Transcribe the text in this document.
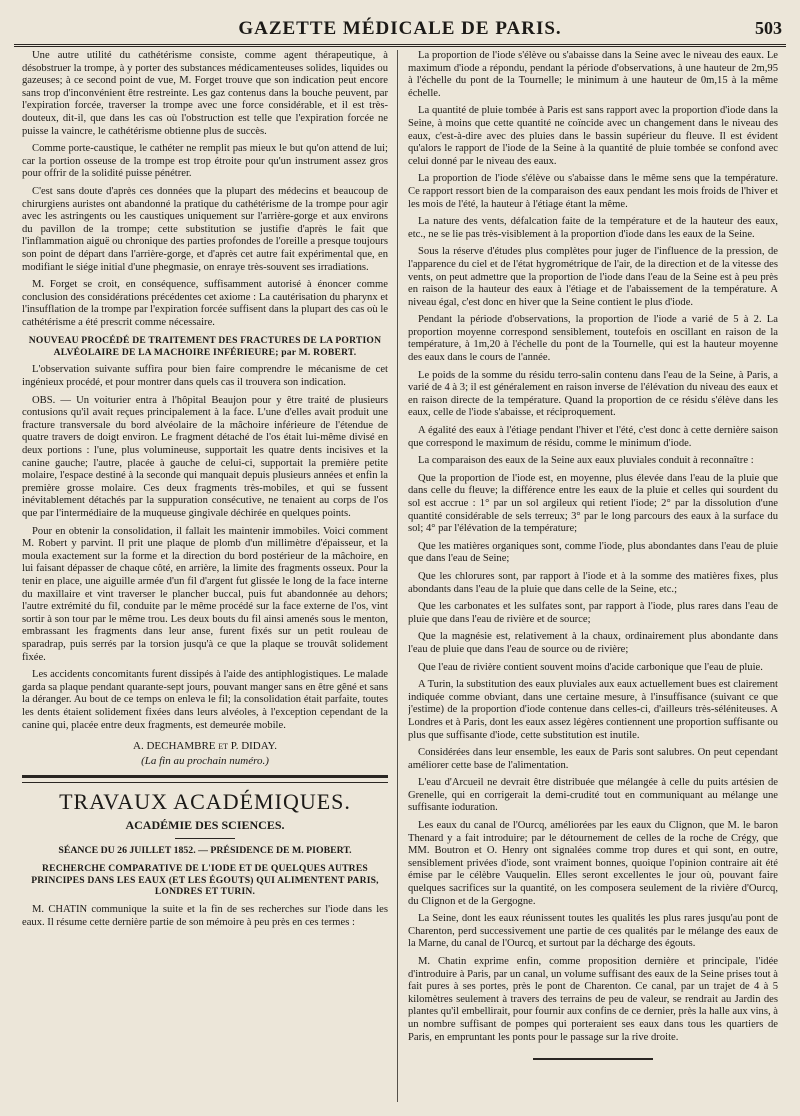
GAZETTE MÉDICALE DE PARIS.	503

Une autre utilité du cathétérisme consiste, comme agent thérapeutique, à désobstruer la trompe, à y porter des substances médicamenteuses solides, liquides ou gazeuses; à ce second point de vue, M. Forget trouve que son indication peut encore sans trop d'inconvénient être restreinte. Les gaz contenus dans la bouche peuvent, par l'expiration forcée, traverser la trompe avec une force considérable, et il est très-douteux, dit-il, que dans les cas où l'obstruction est telle que l'expiration forcée ne puisse la vaincre, le cathétérisme obtienne plus de succès.

Comme porte-caustique, le cathéter ne remplit pas mieux le but qu'on attend de lui; car la portion osseuse de la trompe est trop étroite pour qu'un instrument assez gros pour offrir de la solidité puisse pénétrer.

C'est sans doute d'après ces données que la plupart des médecins et beaucoup de chirurgiens auristes ont abandonné la pratique du cathétérisme de la trompe pour agir avec les astringents ou les caustiques uniquement sur l'arrière-gorge et aux environs du pavillon de la trompe; cette substitution se justifie d'après le fait que l'inflammation aiguë ou chronique des parties profondes de l'oreille a presque toujours son point de départ dans l'arrière-gorge, et d'après cet autre fait expérimental que, en modifiant le siége initial d'une phegmasie, on enraye très-souvent ses irradiations.

M. Forget se croit, en conséquence, suffisamment autorisé à énoncer comme conclusion des considérations précédentes cet axiome : La cautérisation du pharynx et l'insufflation de la trompe par l'expiration forcée suffisent dans la plupart des cas où le cathétérisme a été prescrit comme nécessaire.

NOUVEAU PROCÉDÉ DE TRAITEMENT DES FRACTURES DE LA PORTION ALVÉOLAIRE DE LA MACHOIRE INFÉRIEURE; par M. ROBERT.

L'observation suivante suffira pour bien faire comprendre le mécanisme de cet ingénieux procédé, et pour montrer dans quels cas il trouvera son indication.

OBS. — Un voiturier entra à l'hôpital Beaujon pour y être traité de plusieurs contusions qu'il avait reçues principalement à la face. L'une d'elles avait produit une fracture transversale du bord alvéolaire de la mâchoire inférieure de l'étendue de quatre travers de doigt environ. Le fragment détaché de l'os était lui-même divisé en deux portions : l'une, plus volumineuse, supportait les quatre dents incisives et la canine gauche; l'autre, placée à gauche de celui-ci, supportait la première petite molaire, l'espace destiné à la seconde qui manquait depuis plusieurs années et enfin la première grosse molaire. Ces deux fragments très-mobiles, et qui se fussent inévitablement détachés par la suppuration consécutive, ne tenaient au corps de l'os que par l'intermédiaire de la muqueuse gingivale déchirée en quelques points.

Pour en obtenir la consolidation, il fallait les maintenir immobiles. Voici comment M. Robert y parvint. Il prit une plaque de plomb d'un millimètre d'épaisseur, et la moula exactement sur la forme et la direction du bord postérieur de la mâchoire, en lui faisant dépasser de chaque côté, en arrière, la limite des fragments osseux. Pour la tenir en place, une aiguille armée d'un fil d'argent fut glissée le long de la face interne du maxillaire et vint traverser le plancher buccal, puis fut abandonnée au dehors; l'autre extrémité du fil, conduite par le même procédé sur la face externe de l'os, vint sortir à son tour par le même trou. Les deux bouts du fil ainsi amenés sous le menton, embrassant les fragments dans leur anse, furent fixés sur un petit rouleau de sparadrap, puis serrés par la torsion jusqu'à ce que la plaque se trouvât solidement fixée.

Les accidents concomitants furent dissipés à l'aide des antiphlogistiques. Le malade garda sa plaque pendant quarante-sept jours, pouvant manger sans en être gêné et sans la déranger. Au bout de ce temps on enleva le fil; la consolidation était parfaite, toutes les dents étaient solidement fixées dans leurs alvéoles, à l'exception cependant de la canine qui, placée entre deux fragments, est demeurée mobile.

A. DECHAMBRE et P. DIDAY.
(La fin au prochain numéro.)
TRAVAUX ACADÉMIQUES.
ACADÉMIE DES SCIENCES.
SÉANCE DU 26 JUILLET 1852. — PRÉSIDENCE DE M. PIOBERT.
RECHERCHE COMPARATIVE DE L'IODE ET DE QUELQUES AUTRES PRINCIPES DANS LES EAUX (ET LES ÉGOUTS) QUI ALIMENTENT PARIS, LONDRES ET TURIN.

M. CHATIN communique la suite et la fin de ses recherches sur l'iode dans les eaux. Il résume cette dernière partie de son mémoire à peu près en ces termes :

La proportion de l'iode s'élève ou s'abaisse dans la Seine avec le niveau des eaux. Le maximum d'iode a répondu, pendant la période d'observations, à une hauteur de 2m,95 à l'échelle du pont de la Tournelle; le minimum à une hauteur de 0m,15 à la même échelle.

La quantité de pluie tombée à Paris est sans rapport avec la proportion d'iode dans la Seine, à moins que cette quantité ne coïncide avec un changement dans le niveau des eaux, c'est-à-dire avec des pluies dans le bassin supérieur du fleuve. Il est évident qu'alors le rapport de l'iode de la Seine à la quantité de pluie tombée se confond avec celui donné par le niveau des eaux.

La proportion de l'iode s'élève ou s'abaisse dans le même sens que la température. Ce rapport ressort bien de la comparaison des eaux pendant les mois froids de l'hiver et les mois de l'été, la hauteur à l'étiage étant la même.

La nature des vents, défalcation faite de la température et de la hauteur des eaux, etc., ne se lie pas très-visiblement à la proportion d'iode dans les eaux de la Seine.

Sous la réserve d'études plus complètes pour juger de l'influence de la pression, de l'apparence du ciel et de l'état hygrométrique de l'air, de la direction et de la vitesse des vents, on peut admettre que la proportion de l'iode dans l'eau de la Seine est à peu près en raison de la hauteur des eaux à l'étiage et de l'abaissement de la température. A niveau égal, c'est donc en hiver que la Seine contient le plus d'iode.

Pendant la période d'observations, la proportion de l'iode a varié de 5 à 2. La proportion moyenne correspond sensiblement, toutefois en oscillant en raison de la température, à 1m,20 à l'échelle du pont de la Tournelle, qui est la hauteur moyenne des eaux dans le cours de l'année.

Le poids de la somme du résidu terro-salin contenu dans l'eau de la Seine, à Paris, a varié de 4 à 3; il est généralement en raison inverse de l'élévation du niveau des eaux et en raison directe de la température. Quand la proportion de ce résidu s'élève dans les eaux, celle de l'iode s'abaisse, et réciproquement.

A égalité des eaux à l'étiage pendant l'hiver et l'été, c'est donc à cette dernière saison que correspond le maximum de résidu, comme le minimum d'iode.

La comparaison des eaux de la Seine aux eaux pluviales conduit à reconnaître :

Que la proportion de l'iode est, en moyenne, plus élevée dans l'eau de la pluie que dans celle du fleuve; la différence entre les eaux de la pluie et celles qui sourdent du sol est accrue : 1° par un sol argileux qui retient l'iode; 2° par la dissolution d'une quantité considérable de sels terreux; 3° par le long parcours des eaux à la surface du sol; 4° par l'élévation de la température;

Que les matières organiques sont, comme l'iode, plus abondantes dans l'eau de pluie que dans l'eau de Seine;

Que les chlorures sont, par rapport à l'iode et à la somme des matières fixes, plus abondants dans l'eau de la pluie que dans celle de la Seine, etc.;

Que les carbonates et les sulfates sont, par rapport à l'iode, plus rares dans l'eau de pluie que dans l'eau de rivière et de source;

Que la magnésie est, relativement à la chaux, ordinairement plus abondante dans l'eau de pluie que dans l'eau de source ou de rivière;

Que l'eau de rivière contient souvent moins d'acide carbonique que l'eau de pluie.

A Turin, la substitution des eaux pluviales aux eaux actuellement bues est clairement indiquée comme obviant, dans une certaine mesure, à l'insuffisance (suivant ce que j'estime) de la proportion d'iode contenue dans celles-ci, d'ailleurs très-séléniteuses. A Londres et à Paris, dont les eaux assez légères contiennent une proportion suffisante ou plus que suffisante d'iode, cette substitution est inutile.

Considérées dans leur ensemble, les eaux de Paris sont salubres. On peut cependant améliorer cette base de l'alimentation.

L'eau d'Arcueil ne devrait être distribuée que mélangée à celle du puits artésien de Grenelle, qui en corrigerait la demi-crudité tout en communiquant au mélange une suffisante ioduration.

Les eaux du canal de l'Ourcq, améliorées par les eaux du Clignon, que M. le baron Thenard y a fait introduire; par le détournement de celles de la roche de Crégy, que MM. Boutron et O. Henry ont signalées comme trop dures et qui sont, en outre, sensiblement privées d'iode, sont vraiment bonnes, quoique l'opinion contraire ait été émise par le célèbre Vauquelin. Elles seront excellentes le jour où, pouvant faire quelques sacrifices sur la quantité, on les composera seulement de la rivière d'Ourcq, du Clignon et de la Gergogne.

La Seine, dont les eaux réunissent toutes les qualités les plus rares jusqu'au pont de Charenton, perd successivement une partie de ces qualités par le mélange des eaux de la Marne, du canal de l'Ourcq, et surtout par la décharge des égouts.

M. Chatin exprime enfin, comme proposition dernière et principale, l'idée d'introduire à Paris, par un canal, un volume suffisant des eaux de la Seine prises tout à fait pures à ses portes, près le pont de Charenton. Ce canal, par un trajet de 4 à 5 kilomètres seulement à travers des terrains de peu de valeur, se rendrait au Jardin des plantes qu'il embellirait, pour fournir aux confins de ce dernier, près la halle aux vins, à un nombre suffisant de pompes qui porteraient ses eaux dans tous les quartiers de Paris, en empruntant les ponts pour le passage sur la rive droite.
